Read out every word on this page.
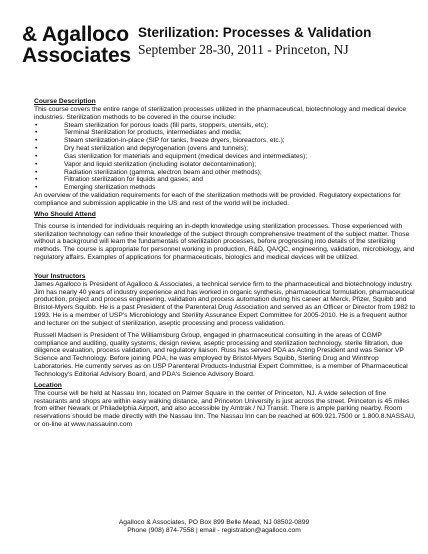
& Agalloco
Associates
Sterilization: Processes & Validation
September 28-30, 2011 - Princeton, NJ
Course Description

This course covers the entire range of sterilization processes utilized in the pharmaceutical, biotechnology and medical device industries. Sterilization methods to be covered in the course include:

• Steam sterilization for porous loads (fill parts, stoppers, utensils, etc);
• Terminal Sterilization for products, intermediates and media;
• Steam sterilization-in-place (SIP for tanks, freeze dryers, bioreactors, etc.);
• Dry heat sterilization and depyrogenation (ovens and tunnels);
• Gas sterilization for materials and equipment (medical devices and intermediates);
• Vapor and liquid sterilization (including isolator decontamination);
• Radiation sterilization (gamma, electron beam and other methods);
• Filtration sterilization for liquids and gases; and
• Emerging sterilization methods

An overview of the validation requirements for each of the sterilization methods will be provided. Regulatory expectations for compliance and submission applicable in the US and rest of the world will be included.

Who Should Attend

This course is intended for individuals requiring an in-depth knowledge using sterilization processes. Those experienced with sterilization technology can refine their knowledge of the subject through comprehensive treatment of the subject matter. Those without a background will learn the fundamentals of sterilization processes, before progressing into details of the sterilizing methods. The course is appropriate for personnel working in production, R&D, QA/QC, engineering, validation, microbiology, and regulatory affairs. Examples of applications for pharmaceuticals, biologics and medical devices will be utilized.

Your Instructors

James Agalloco is President of Agalloco & Associates, a technical service firm to the pharmaceutical and biotechnology industry. Jim has nearly 40 years of industry experience and has worked in organic synthesis, pharmaceutical formulation, pharmaceutical production, project and process engineering, validation and process automation during his career at Merck, Pfizer, Squibb and Bristol-Myers Squibb. He is a past President of the Parenteral Drug Association and served as an Officer or Director from 1982 to 1993. He is a member of USP's Microbiology and Sterility Assurance Expert Committee for 2005-2010. He is a frequent author and lecturer on the subject of sterilization, aseptic processing and process validation.

Russell Madsen is President of The Williamsburg Group, engaged in pharmaceutical consulting in the areas of CGMP compliance and auditing, quality systems, design review, aseptic processing and sterilization technology, sterile filtration, due diligence evaluation, process validation, and regulatory liaison. Russ has served PDA as Acting President and was Senior VP Science and Technology. Before joining PDA, he was employed by Bristol-Myers Squibb, Sterling Drug and Winthrop Laboratories. He currently serves as on USP Parenteral Products-Industrial Expert Committee, is a member of Pharmaceutical Technology's Editorial Advisory Board, and PDA's Science Advisory Board.

Location

The course will be held at Nassau Inn, located on Palmer Square in the center of Princeton, NJ. A wide selection of fine restaurants and shops are within easy walking distance, and Princeton University is just across the street. Princeton is 45 miles from either Newark or Philadelphia Airport, and also accessible by Amtrak / NJ Transit. There is ample parking nearby. Room reservations should be made directly with the Nassau Inn. The Nassau Inn can be reached at 609.921.7500 or 1.800.8.NASSAU, or on-line at www.nassauinn.com

Agalloco & Associates, PO Box 899 Belle Mead, NJ 08502-0899
Phone (908) 874-7558 | email - registration@agalloco.com
